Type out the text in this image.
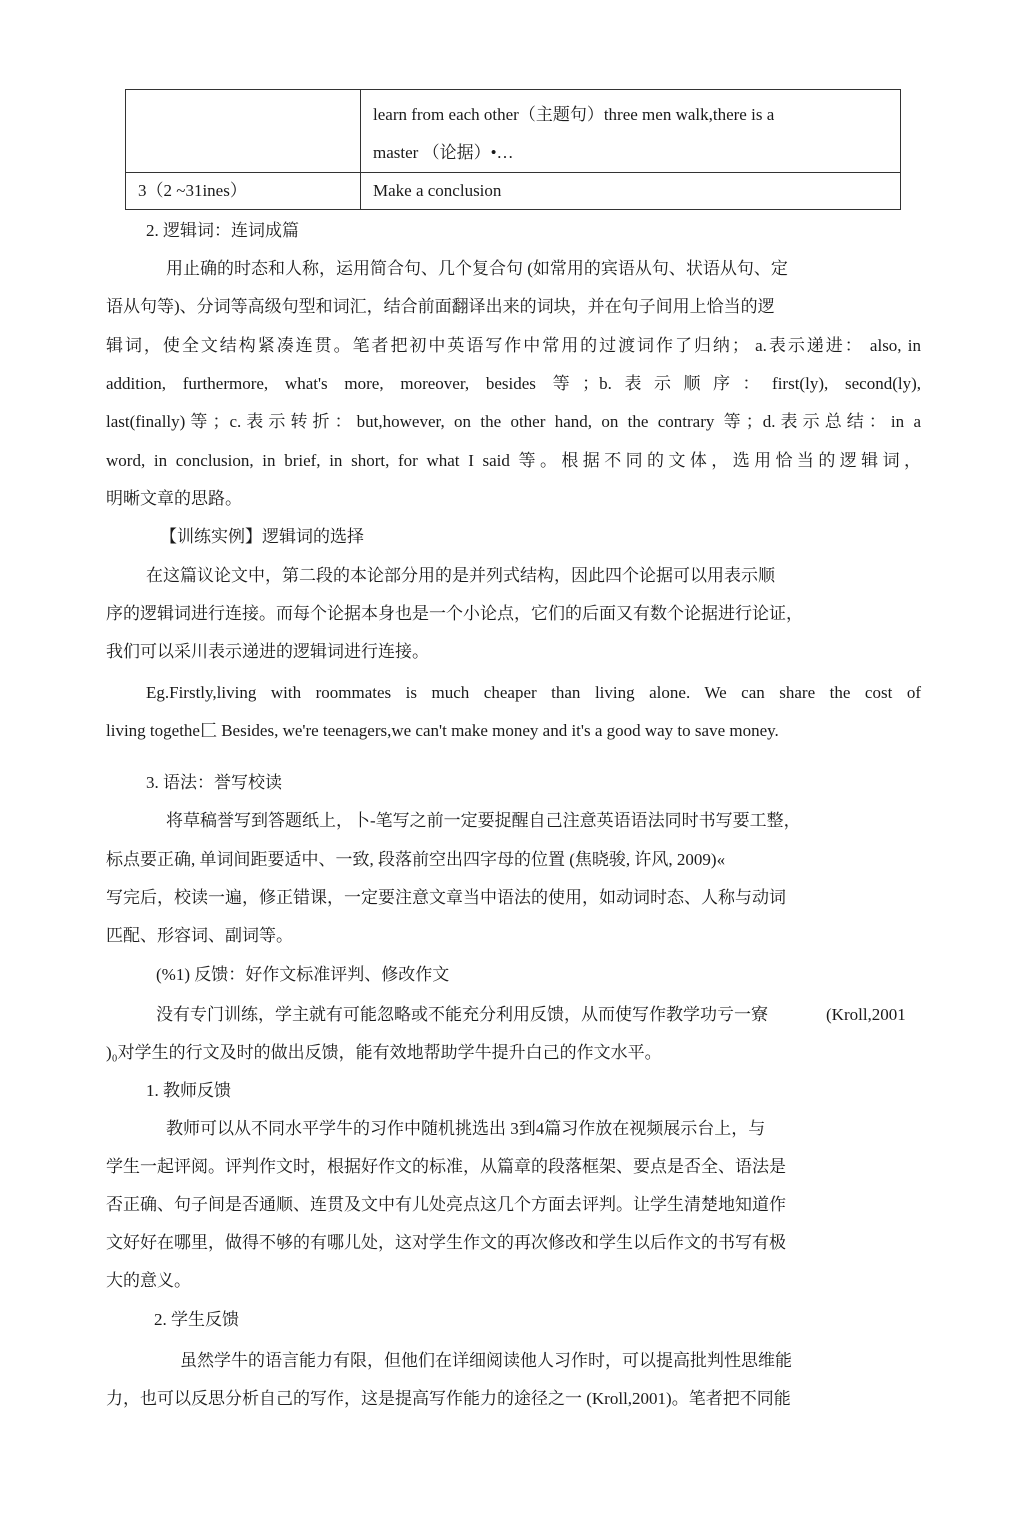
	learn from each other（主题句）three men walk,there is a
master （论据）•…

3（2 ~31ines）	Make a conclusion
2. 逻辑词：连词成篇
用止确的时态和人称，运用简合句、几个复合句 (如常用的宾语从句、状语从句、定
语从句等)、分词等高级句型和词汇，结合前面翻译出来的词块，并在句子间用上恰当的逻
辑词，使全文结构紧凑连贯。笔者把初中英语写作中常用的过渡词作了归纳； a.表示递进： also, in
addition, furthermore, what's more, moreover, besides 等；b.表示顺序：first(ly), second(ly),
last(finally)等；c.表示转折：but,however, on the other hand, on the contrary 等；d.表示总结：in a
word, in conclusion, in brief, in short, for what I said 等。根据不同的文体，选用恰当的逻辑词，
明晰文章的思路。
【训练实例】逻辑词的选择
在这篇议论文中，第二段的本论部分用的是并列式结构，因此四个论据可以用表示顺
序的逻辑词进行连接。而每个论据本身也是一个小论点，它们的后面又有数个论据进行论证，
我们可以采川表示递进的逻辑词进行连接。
Eg.Firstly,living with roommates is much cheaper than living alone. We can share the cost of
living togethe匚 Besides, we're teenagers,we can't make money and it's a good way to save money.
3. 语法：誉写校读
将草稿誉写到答题纸上，卜-笔写之前一定要捉醒自己注意英语语法同时书写要工整，
标点要正确, 单词间距要适中、一致, 段落前空出四字母的位置 (焦晓骏, 许风, 2009)«
写完后，校读一遍，修正错课，一定要注意文章当中语法的使用，如动词时态、人称与动词
匹配、形容词、副词等。
(%1) 反馈：好作文标准评判、修改作文
没有专门训练，学主就有可能忽略或不能充分利用反馈，从而使写作教学功亏一寮	(Kroll,2001
)₀对学生的行文及时的做出反馈，能有效地帮助学牛提升白己的作文水平。
1. 教师反馈
教师可以从不同水平学牛的习作中随机挑选出 3到4篇习作放在视频展示台上，与
学生一起评阅。评判作文时，根据好作文的标准，从篇章的段落框架、要点是否全、语法是
否正确、句子间是否通顺、连贯及文中有儿处亮点这几个方面去评判。让学生清楚地知道作
文好好在哪里，做得不够的有哪儿处，这对学生作文的再次修改和学生以后作文的书写有极
大的意义。
2. 学生反馈
虽然学牛的语言能力有限，但他们在详细阅读他人习作时，可以提高批判性思维能
力，也可以反思分析自己的写作，这是提高写作能力的途径之一 (Kroll,2001)。笔者把不同能
